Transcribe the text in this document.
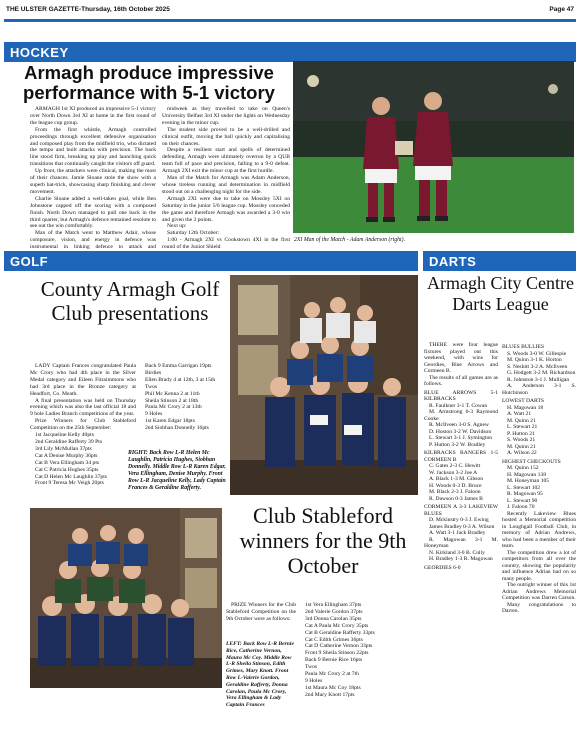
THE ULSTER GAZETTE-Thursday, 16th October 2025	Page 47
HOCKEY
Armagh produce impressive performance with 5-1 victory

ARMAGH 1st XI produced an impressive 5-1 victory over North Down 3rd XI at home in the first round of the league cup group.

From the first whistle, Armagh controlled proceedings through excellent defensive organisation and composed play from the midfield trio, who dictated the tempo and built attacks with precision. The back line stood firm, breaking up play and launching quick transitions that continually caught the visitors off guard.

Up front, the attackers were clinical, making the most of their chances. Jamie Sloane stole the show with a superb hat-trick, showcasing sharp finishing and clever movement.

Charlie Sloane added a well-taken goal, while Ben Johnstone capped off the scoring with a composed finish. North Down managed to pull one back in the third quarter, but Armagh's defence remained resolute to see out the win comfortably.

Man of the Match went to Matthew Adair, whose composure, vision, and energy in defence was instrumental in linking defence to attack and

midweek as they travelled to take on Queen's University Belfast 3rd XI under the lights on Wednesday evening in the minor cup.

The student side proved to be a well-drilled and clinical outfit, moving the ball quickly and capitalising on their chances.

Despite a resilient start and spells of determined defending, Armagh were ultimately overrun by a QUB team full of pace and precision, falling to a 9-0 defeat. Armagh 2XI exit the minor cup at the first hurdle.

Man of the Match for Armagh was Adam Anderson, whose tireless running and determination in midfield stood out on a challenging night for the side.

Armagh 2XI were due to take on Mossley 5XI on Saturday in the junior 5/6 league cup. Mossley conceded the game and therefore Armagh was awarded a 3-0 win and given the 3 points.

Next up:

Saturday 12th October:

1:00 - Armagh 2XI vs Cookstown 4XI in the first round of the Junior Shield

2XI Man of the Match - Adam Anderson (right).
GOLF
County Armagh Golf Club presentations

LADY Captain Frances congratulated Paula Mc Crory who had 4th place in the Silver Medal category and Eileen Fitzsimmons who had 3rd place in the Bronze category at Headfort, Co. Meath.

A final presentation was held on Thursday evening which was also the last official 18 and 9 hole Ladies Branch competitions of the year.

Prize Winners for Club Stableford Competition on the 25th September:

1st Jacqueline Kelly 40pts

2nd Geraldine Rafferty 39 Pts

3rd Lily McMullan 37pts

Cat A Denise Murphy 36pts

Cat B Vera Ellingham 34 pts

Cat C Patricia Hughes 35pts

Cat D Helen Mc Laughlin 37pts

Front 9 Teresa Mc Veigh 20pts

Back 9 Emma Garrigan 19pts

Birdies

Ellen Brady 4 at 12th, 3 at 15th

Twos

Phil Mc Kenna 2 at 11th

Sheila Stinson 2 at 18th

Paula Mc Crory 2 at 13th

9 Holes

1st Karen Edgar 18pts

2nd Siobhan Donnelly 16pts

RIGHT: Back Row L-R Helen Mc Laughlin, Patricia Hughes, Siobhan Donnelly. Middle Row L-R Karen Edgar, Vera Ellingham, Denise Murphy. Front Row L-R Jacqueline Kelly, Lady Captain Frances & Geraldine Rafferty.
Club Stableford winners for the 9th October

PRIZE Winners for the Club Stableford Competition on the 9th October were as follows:

LEFT: Back Row L-R Bernie Rice, Catherine Vernon, Maura Mc Coy. Middle Row L-R Sheila Stinson, Edith Grimes, Mary Knott. Front Row L-Valerie Gordon, Geraldine Rafferty, Donna Carolan, Paula Mc Crory, Vera Ellingham & Lady Captain Frances

1st Vera Ellingham 37pts

2nd Valerie Gordon 37pts

3rd Donna Carolan 35pts

Cat A Paula Mc Crory 35pts

Cat B Geraldine Rafferty 33pts

Cat C Edith Grimes 36pts

Cat D Catherine Vernon 33pts

Front 9 Sheila Stinson 22pts

Back 9 Bernie Rice 16pts

Twos

Paula Mc Crory 2 at 7th

9 Holes

1st Maura Mc Coy 18pts

2nd Mary Knott 17pts

DARTS
Armagh City Centre Darts League

THERE were four league fixtures played out this weekend, with wins for Geordies, Blue Arrows and Cormeen B.

The results of all games are as follows.

BLUE ARROWS 5-1 KILBRACKS

R. Faulkner 3-1 T. Cowan

M. Armstrong 0-3 Raymond Cooke

R. McIlveen 3-0 S. Agnew

D. Hoston 3-2 W. Davidson

L. Stewart 3-1 J. Symington

P. Hutton 3-2 W. Bradley

KILBRACKS RANGERS 1-5 CORMEEN B

C. Gates 2-3 C. Hewitt

W. Jackson 3-2 Joe A

A. Black 1-3 M. Gibson

H. Woods 0-3 D. Bruce

M. Black 2-3 J. Faloon

R. Dawson 0-3 James B

CORMEEN A 3-3 LAKEVIEW BLUES

D. Mckinstry 0-3 J. Ewing

James Bradley 0-3 A. Wilson

A. Watt 3-1 Jack Bradley

R. Magowan 3-1 M. Honeyman

N. Kirkland 3-0 B. Cully

H. Bradley 1-3 R. Magowan

GEORDIES 6-0

BLUES BULLIES

S. Woods 3-0 W. Gillespie

M. Quinn 3-1 K. Horton

S. Nesbitt 3-2 A. McIlveen

G. Hodgett 3-2 M. Richardson

R. Johnston 3-1 J. Mulligan

A. Anderson 3-1 S. Hutchinson

LOWEST DARTS

H. Magowan 18

A. Watt 21

M. Quinn 21

L. Stewart 21

P. Hutton 21

S. Woods 21

M. Quinn 21

A. Wilson 22

HIGHEST CHECKOUTS

M. Quinn 152

H. Magowan 138

M. Honeyman 105

L. Stewart 102

R. Magowan 95

L. Stewart 90

J. Faloon 70

Recently Lakeview Blues hosted a Memorial competition in Loughgall Football Club, in memory of Adrian Andrews, who had been a member of their team.

The competition drew a lot of competitors from all over the country, showing the popularity and influence Adrian had on so many people.

The outright winner of this 1st Adrian Andrews Memorial Competition was Darren Carson.

Many congratulations to Darren.
